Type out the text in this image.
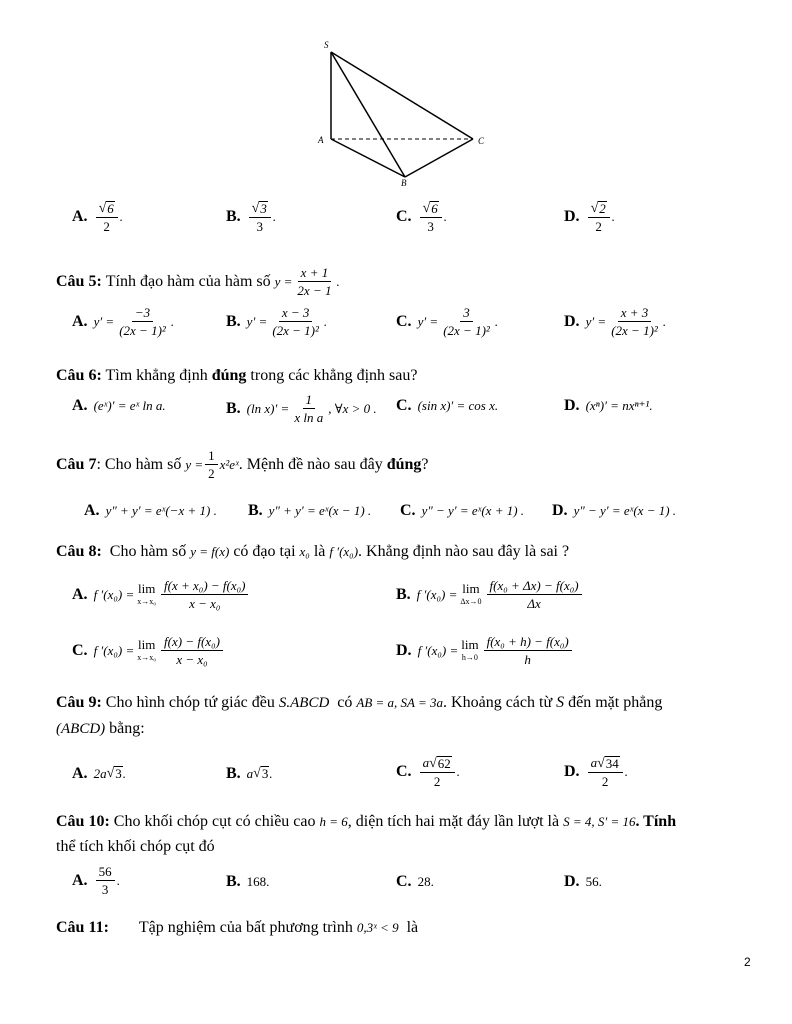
S
A
B
C
A. $\frac{√ 6}{2}$ .	B. $\frac{√ 3}{3}$ .	C. $\frac{√ 6}{3}$ .	D. $\frac{√ 2}{2}$ .
Câu 5:
Tính đạo hàm của hàm số
$y = \frac{x + 1}{2x - 1}$ .
A. $y' = \frac{-3}{\text{(2x − 1)²}}$ .	B. $y' = \frac{x - 3}{\text{(2x − 1)²}}$ .	C. $y' = \frac{3}{\text{(2x − 1)²}}$ .	D. $y' = \frac{x + 3}{\text{(2x − 1)²}}$ .
Câu 6: Tìm khẳng định đúng trong các khẳng định sau?
A. (eˣ)′ = eˣ ln a.	B. (ln $x)' = \frac{1}{\text{x ln a}}$ , ∀x > 0 . C. (sin x)′ = cos x.	D. (xⁿ)′ = nxⁿ⁺¹.
Câu 7 : Cho hàm số
$y = \frac{1}{2}$ x²eˣ . Mệnh đề nào sau đây
đúng ?
A. y″ + y′ = eˣ(−x + 1) . B. y″ + y′ = eˣ(x − 1) . C. y″ − y′ = eˣ(x + 1) . D. y″ − y′ = eˣ(x − 1) .
Câu 8:
Cho hàm số
y = f(x)
có đạo tại
x₀
là
f ′(x₀) . Khẳng định nào sau đây là sai ?
A. f ′(x₀) = lim
$x\to x_0 \frac{\text{f(x + x₀) − f(x₀)}}{\text{x − x₀}}$	B. f ′(x₀) = lim
$\Delta x\to 0 \frac{\text{f(x₀ + Δx) − f(x₀)}}{\Delta x}$
C. f ′(x₀) = lim
$x\to x_0 \frac{\text{f(x) − f(x₀)}}{\text{x − x₀}}$	D. f ′(x₀) = lim
$h\to 0 \frac{\text{f(x₀ + h) − f(x₀)}}{h}$
Câu 9:
Cho hình chóp tứ giác đều
S.ABCD
có
AB = a, SA = 3a . Khoảng cách từ
S
đến mặt phẳng
(ABCD)
bằng:
A. 2a √ 3 .	B. a √ 3 .	C. $\frac{a √ 62}{2}$ .	D. $\frac{a √ 34}{2}$ .
Câu 10:
Cho khối chóp cụt có chiều cao
h = 6 , diện tích hai mặt đáy lần lượt là
S = 4, S′ = 16 . Tính
thể tích khối chóp cụt đó
A. $\frac{56}{3}$ .	B. 168.	C. 28.	D. 56.
Câu 11: Tập nghiệm của bất phương trình
0,3ˣ < 9
là
2
